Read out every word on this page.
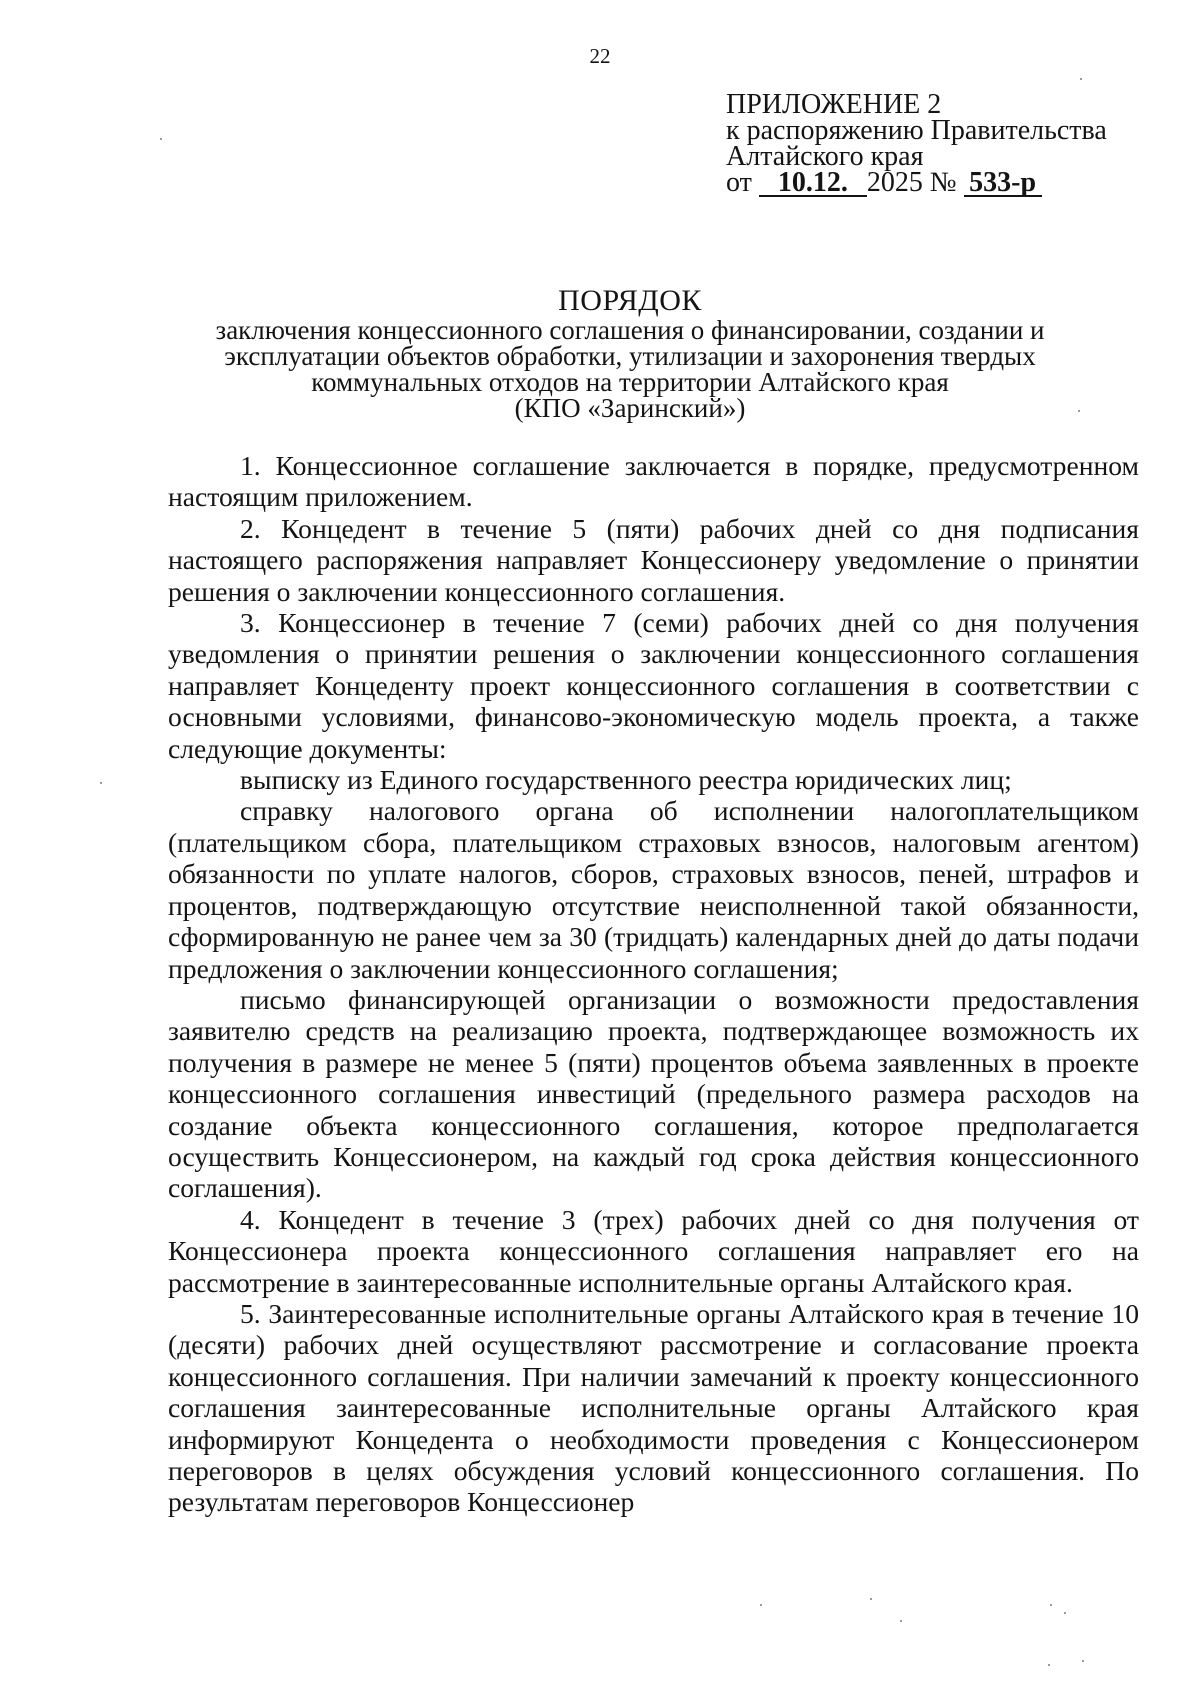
22
ПРИЛОЖЕНИЕ 2
к распоряжению Правительства
Алтайского края
от 10.12. 2025 № 533-р
ПОРЯДОК
заключения концессионного соглашения о финансировании, создании и
эксплуатации объектов обработки, утилизации и захоронения твердых
коммунальных отходов на территории Алтайского края
(КПО «Заринский»)

1. Концессионное соглашение заключается в порядке, предусмотренном настоящим приложением.

2. Концедент в течение 5 (пяти) рабочих дней со дня подписания настоящего распоряжения направляет Концессионеру уведомление о принятии решения о заключении концессионного соглашения.

3. Концессионер в течение 7 (семи) рабочих дней со дня получения уведомления о принятии решения о заключении концессионного соглашения направляет Концеденту проект концессионного соглашения в соответствии с основными условиями, финансово-экономическую модель проекта, а также следующие документы:

выписку из Единого государственного реестра юридических лиц;

справку налогового органа об исполнении налогоплательщиком (плательщиком сбора, плательщиком страховых взносов, налоговым агентом) обязанности по уплате налогов, сборов, страховых взносов, пеней, штрафов и процентов, подтверждающую отсутствие неисполненной такой обязанности, сформированную не ранее чем за 30 (тридцать) календарных дней до даты подачи предложения о заключении концессионного соглашения;

письмо финансирующей организации о возможности предоставления заявителю средств на реализацию проекта, подтверждающее возможность их получения в размере не менее 5 (пяти) процентов объема заявленных в проекте концессионного соглашения инвестиций (предельного размера расходов на создание объекта концессионного соглашения, которое предполагается осуществить Концессионером, на каждый год срока действия концессионного соглашения).

4. Концедент в течение 3 (трех) рабочих дней со дня получения от Концессионера проекта концессионного соглашения направляет его на рассмотрение в заинтересованные исполнительные органы Алтайского края.

5. Заинтересованные исполнительные органы Алтайского края в течение 10 (десяти) рабочих дней осуществляют рассмотрение и согласование проекта концессионного соглашения. При наличии замечаний к проекту концессионного соглашения заинтересованные исполнительные органы Алтайского края информируют Концедента о необходимости проведения с Концессионером переговоров в целях обсуждения условий концессионного соглашения. По результатам переговоров Концессионер
